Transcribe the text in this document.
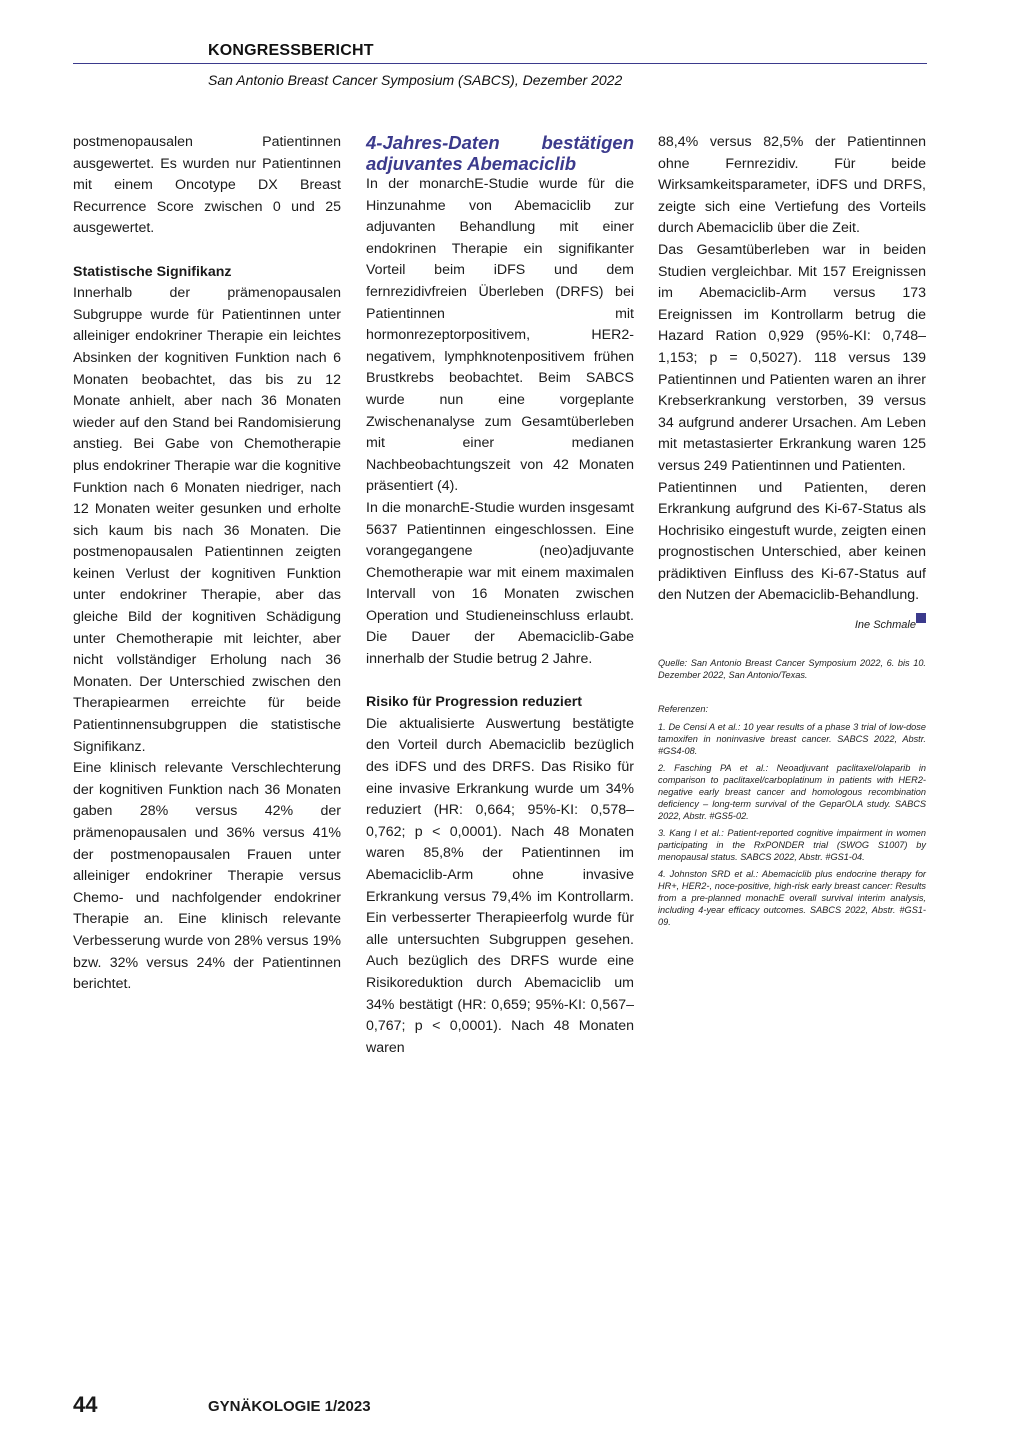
KONGRESSBERICHT
San Antonio Breast Cancer Symposium (SABCS), Dezember 2022

postmenopausalen Patientinnen ausgewertet. Es wurden nur Patientinnen mit einem Oncotype DX Breast Recurrence Score zwischen 0 und 25 ausgewertet.

Statistische Signifikanz

Innerhalb der prämenopausalen Subgruppe wurde für Patientinnen unter alleiniger endokriner Therapie ein leichtes Absinken der kognitiven Funktion nach 6 Monaten beobachtet, das bis zu 12 Monate anhielt, aber nach 36 Monaten wieder auf den Stand bei Randomisierung anstieg. Bei Gabe von Chemotherapie plus endokriner Therapie war die kognitive Funktion nach 6 Monaten niedriger, nach 12 Monaten weiter gesunken und erholte sich kaum bis nach 36 Monaten. Die postmenopausalen Patientinnen zeigten keinen Verlust der kognitiven Funktion unter endokriner Therapie, aber das gleiche Bild der kognitiven Schädigung unter Chemotherapie mit leichter, aber nicht vollständiger Erholung nach 36 Monaten. Der Unterschied zwischen den Therapiearmen erreichte für beide Patientinnensubgruppen die statistische Signifikanz.

Eine klinisch relevante Verschlechterung der kognitiven Funktion nach 36 Monaten gaben 28% versus 42% der prämenopausalen und 36% versus 41% der postmenopausalen Frauen unter alleiniger endokriner Therapie versus Chemo- und nachfolgender endokriner Therapie an. Eine klinisch relevante Verbesserung wurde von 28% versus 19% bzw. 32% versus 24% der Patientinnen berichtet.

4-Jahres-Daten bestätigen adjuvantes Abemaciclib

In der monarchE-Studie wurde für die Hinzunahme von Abemaciclib zur adjuvanten Behandlung mit einer endokrinen Therapie ein signifikanter Vorteil beim iDFS und dem fernrezidivfreien Überleben (DRFS) bei Patientinnen mit hormonrezeptorpositivem, HER2-negativem, lymphknotenpositivem frühen Brustkrebs beobachtet. Beim SABCS wurde nun eine vorgeplante Zwischenanalyse zum Gesamtüberleben mit einer medianen Nachbeobachtungszeit von 42 Monaten präsentiert (4).

In die monarchE-Studie wurden insgesamt 5637 Patientinnen eingeschlossen. Eine vorangegangene (neo)adjuvante Chemotherapie war mit einem maximalen Intervall von 16 Monaten zwischen Operation und Studieneinschluss erlaubt. Die Dauer der Abemaciclib-Gabe innerhalb der Studie betrug 2 Jahre.

Risiko für Progression reduziert

Die aktualisierte Auswertung bestätigte den Vorteil durch Abemaciclib bezüglich des iDFS und des DRFS. Das Risiko für eine invasive Erkrankung wurde um 34% reduziert (HR: 0,664; 95%-KI: 0,578–0,762; p < 0,0001). Nach 48 Monaten waren 85,8% der Patientinnen im Abemaciclib-Arm ohne invasive Erkrankung versus 79,4% im Kontrollarm. Ein verbesserter Therapieerfolg wurde für alle untersuchten Subgruppen gesehen. Auch bezüglich des DRFS wurde eine Risikoreduktion durch Abemaciclib um 34% bestätigt (HR: 0,659; 95%-KI: 0,567–0,767; p < 0,0001). Nach 48 Monaten waren

88,4% versus 82,5% der Patientinnen ohne Fernrezidiv. Für beide Wirksamkeitsparameter, iDFS und DRFS, zeigte sich eine Vertiefung des Vorteils durch Abemaciclib über die Zeit.

Das Gesamtüberleben war in beiden Studien vergleichbar. Mit 157 Ereignissen im Abemaciclib-Arm versus 173 Ereignissen im Kontrollarm betrug die Hazard Ration 0,929 (95%-KI: 0,748–1,153; p = 0,5027). 118 versus 139 Patientinnen und Patienten waren an ihrer Krebserkrankung verstorben, 39 versus 34 aufgrund anderer Ursachen. Am Leben mit metastasierter Erkrankung waren 125 versus 249 Patientinnen und Patienten.

Patientinnen und Patienten, deren Erkrankung aufgrund des Ki-67-Status als Hochrisiko eingestuft wurde, zeigten einen prognostischen Unterschied, aber keinen prädiktiven Einfluss des Ki-67-Status auf den Nutzen der Abemaciclib-Behandlung.

Ine Schmale

Quelle: San Antonio Breast Cancer Symposium 2022, 6. bis 10. Dezember 2022, San Antonio/Texas.

Referenzen:

1. De Censi A et al.: 10 year results of a phase 3 trial of low-dose tamoxifen in noninvasive breast cancer. SABCS 2022, Abstr. #GS4-08.

2. Fasching PA et al.: Neoadjuvant paclitaxel/olaparib in comparison to paclitaxel/carboplatinum in patients with HER2-negative early breast cancer and homologous recombination deficiency – long-term survival of the GeparOLA study. SABCS 2022, Abstr. #GS5-02.

3. Kang I et al.: Patient-reported cognitive impairment in women participating in the RxPONDER trial (SWOG S1007) by menopausal status. SABCS 2022, Abstr. #GS1-04.

4. Johnston SRD et al.: Abemaciclib plus endocrine therapy for HR+, HER2-, noce-positive, high-risk early breast cancer: Results from a pre-planned monachE overall survival interim analysis, including 4-year efficacy outcomes. SABCS 2022, Abstr. #GS1-09.

44	GYNÄKOLOGIE 1/2023
